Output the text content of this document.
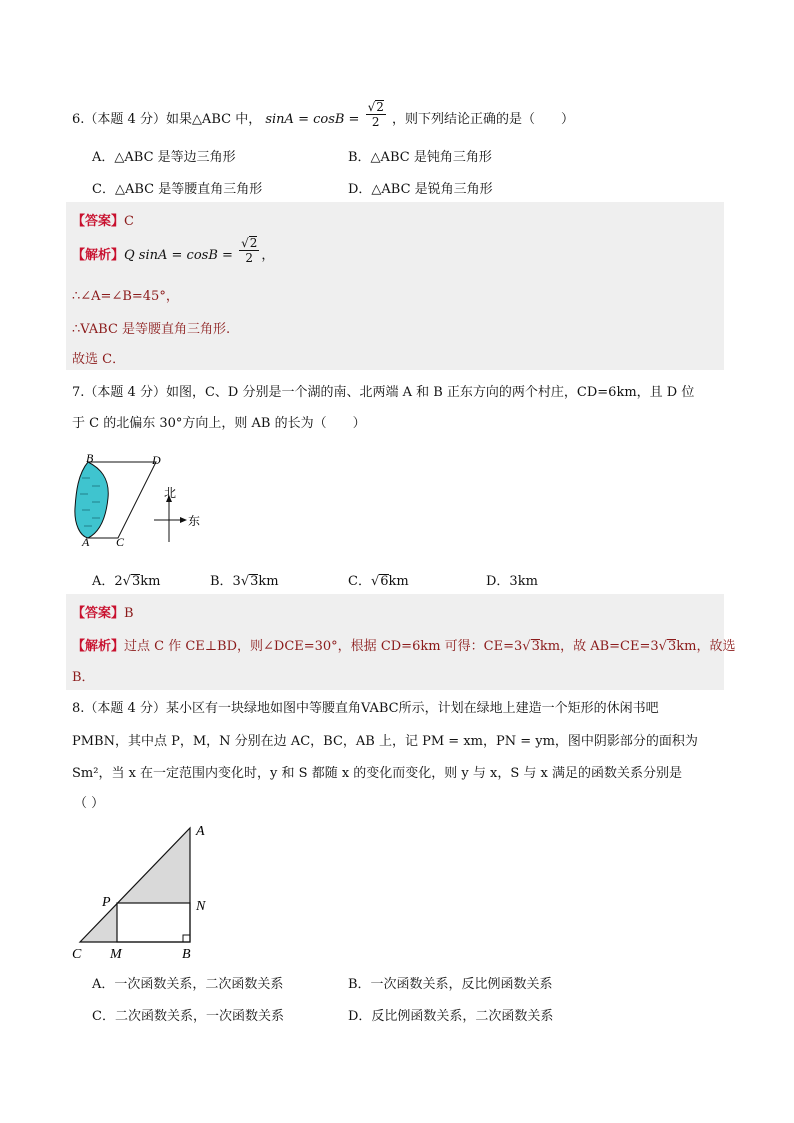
6.（本题 4 分）如果△ABC 中， $\sin A = \cos B = \frac{√2}{2}$ ，则下列结论正确的是（　　）
A．△ABC 是等边三角形	B．△ABC 是钝角三角形
C．△ABC 是等腰直角三角形	D．△ABC 是锐角三角形
【答案】C
【解析】Q $\sin A = \cos B = \frac{√2}{2}$ ，
∴∠A=∠B=45°，
∴VABC 是等腰直角三角形.
故选 C．
7.（本题 4 分）如图，C、D 分别是一个湖的南、北两端 A 和 B 正东方向的两个村庄，CD=6km，且 D 位
于 C 的北偏东 30°方向上，则 AB 的长为（　　）
B	D
A C
北
东
A．2√3km	B．3√3km	C．√6km	D．3km
【答案】B
【解析】过点 C 作 CE⊥BD，则∠DCE=30°，根据 CD=6km 可得：CE=3√3km，故 AB=CE=3√3km，故选
B．
8.（本题 4 分）某小区有一块绿地如图中等腰直角VABC所示，计划在绿地上建造一个矩形的休闲书吧
PMBN，其中点 P，M，N 分别在边 AC，BC，AB 上，记 PM = xm，PN = ym，图中阴影部分的面积为
Sm²，当 x 在一定范围内变化时，y 和 S 都随 x 的变化而变化，则 y 与 x，S 与 x 满足的函数关系分别是
（ ）
A
P	N
C M	B
A．一次函数关系，二次函数关系	B．一次函数关系，反比例函数关系
C．二次函数关系，一次函数关系	D．反比例函数关系，二次函数关系
